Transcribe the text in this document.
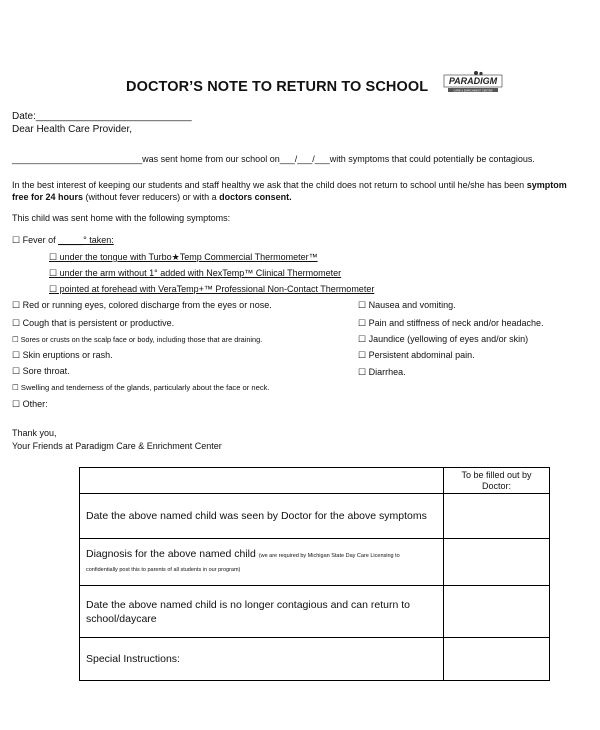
PARADIGM
CARE & ENRICHMENT CENTER
DOCTOR’S NOTE TO RETURN TO SCHOOL
Date:____________________________
Dear Health Care Provider,
__________________________was sent home from our school on___/___/___with symptoms that could potentially be contagious.
In the best interest of keeping our students and staff healthy we ask that the child does not return to school until he/she has been symptom
free for 24 hours (without fever reducers) or with a doctors consent.
This child was sent home with the following symptoms:
☐ Fever of _____° taken:
☐ under the tongue with Turbo★Temp Commercial Thermometer™
☐ under the arm without 1° added with NexTemp™ Clinical Thermometer
☐ pointed at forehead with VeraTemp+™ Professional Non-Contact Thermometer
☐ Red or running eyes, colored discharge from the eyes or nose.
☐ Cough that is persistent or productive.
☐ Sores or crusts on the scalp face or body, including those that are draining.
☐ Skin eruptions or rash.
☐ Sore throat.
☐ Swelling and tenderness of the glands, particularly about the face or neck.
☐ Other:
☐ Nausea and vomiting.
☐ Pain and stiffness of neck and/or headache.
☐ Jaundice (yellowing of eyes and/or skin)
☐ Persistent abdominal pain.
☐ Diarrhea.
Thank you,
Your Friends at Paradigm Care & Enrichment Center

	To be filled out by
Doctor:

Date the above named child was seen by Doctor for the above symptoms	
Diagnosis for the above named child (we are required by Michigan State Day Care Licensing to
confidentially post this to parents of all students in our program)	

Date the above named child is no longer contagious and can return to
school/daycare	

Special Instructions:	
